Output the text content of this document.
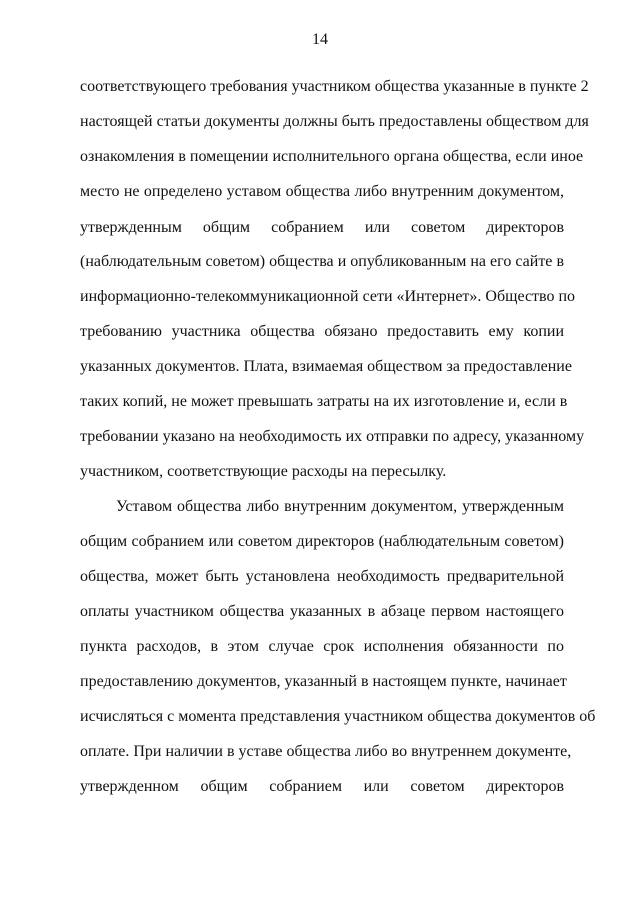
14
соответствующего требования участником общества указанные в пункте 2
настоящей статьи документы должны быть предоставлены обществом для
ознакомления в помещении исполнительного органа общества, если иное
место не определено уставом общества либо внутренним документом,
утвержденным общим собранием или советом директоров
(наблюдательным советом) общества и опубликованным на его сайте в
информационно-телекоммуникационной сети «Интернет». Общество по
требованию участника общества обязано предоставить ему копии
указанных документов. Плата, взимаемая обществом за предоставление
таких копий, не может превышать затраты на их изготовление и, если в
требовании указано на необходимость их отправки по адресу, указанному
участником, соответствующие расходы на пересылку.
Уставом общества либо внутренним документом, утвержденным
общим собранием или советом директоров (наблюдательным советом)
общества, может быть установлена необходимость предварительной
оплаты участником общества указанных в абзаце первом настоящего
пункта расходов, в этом случае срок исполнения обязанности по
предоставлению документов, указанный в настоящем пункте, начинает
исчисляться с момента представления участником общества документов об
оплате. При наличии в уставе общества либо во внутреннем документе,
утвержденном общим собранием или советом директоров
